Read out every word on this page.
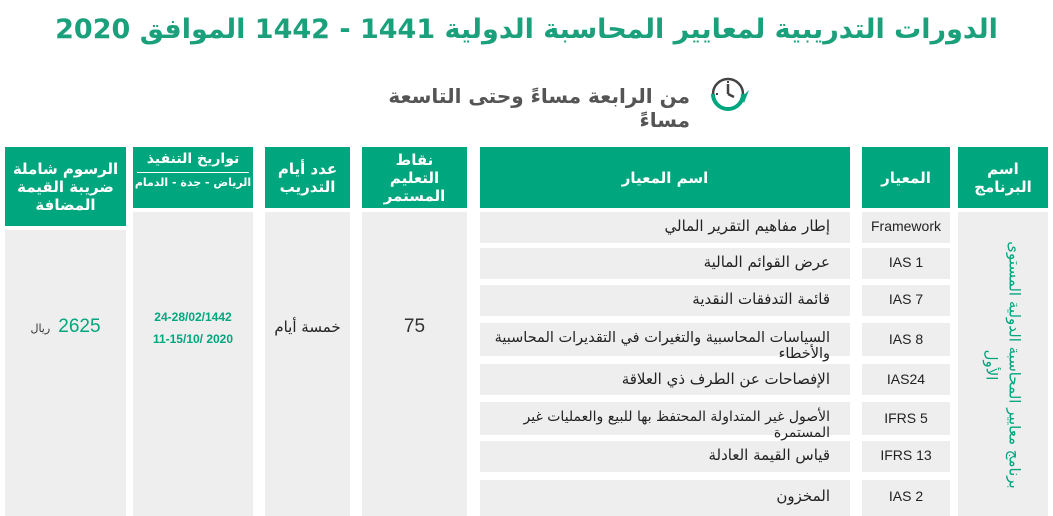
الدورات التدريبية لمعايير المحاسبة الدولية 1441 - 1442 الموافق 2020
من الرابعة مساءً وحتى التاسعة مساءً
اسم البرنامج
المعيار
اسم المعيار
نقاط التعليم المستمر
عدد أيام التدريب
تواريخ التنفيذ
الرياض - جدة - الدمام
الرسوم شاملة ضريبة القيمة المضافة
Framework
إطار مفاهيم التقرير المالي
IAS 1
عرض القوائم المالية
IAS 7
قائمة التدفقات النقدية
IAS 8
السياسات المحاسبية والتغيرات في التقديرات المحاسبية والأخطاء
IAS24
الإفصاحات عن الطرف ذي العلاقة
IFRS 5
الأصول غير المتداولة المحتفظ بها للبيع والعمليات غير المستمرة
IFRS 13
قياس القيمة العادلة
IAS 2
المخزون
برنامج معايير المحاسبة الدولية المستوى الأول
75
خمسة أيام
24-28/02/1442
11-15/10/ 2020
2625 ريال
